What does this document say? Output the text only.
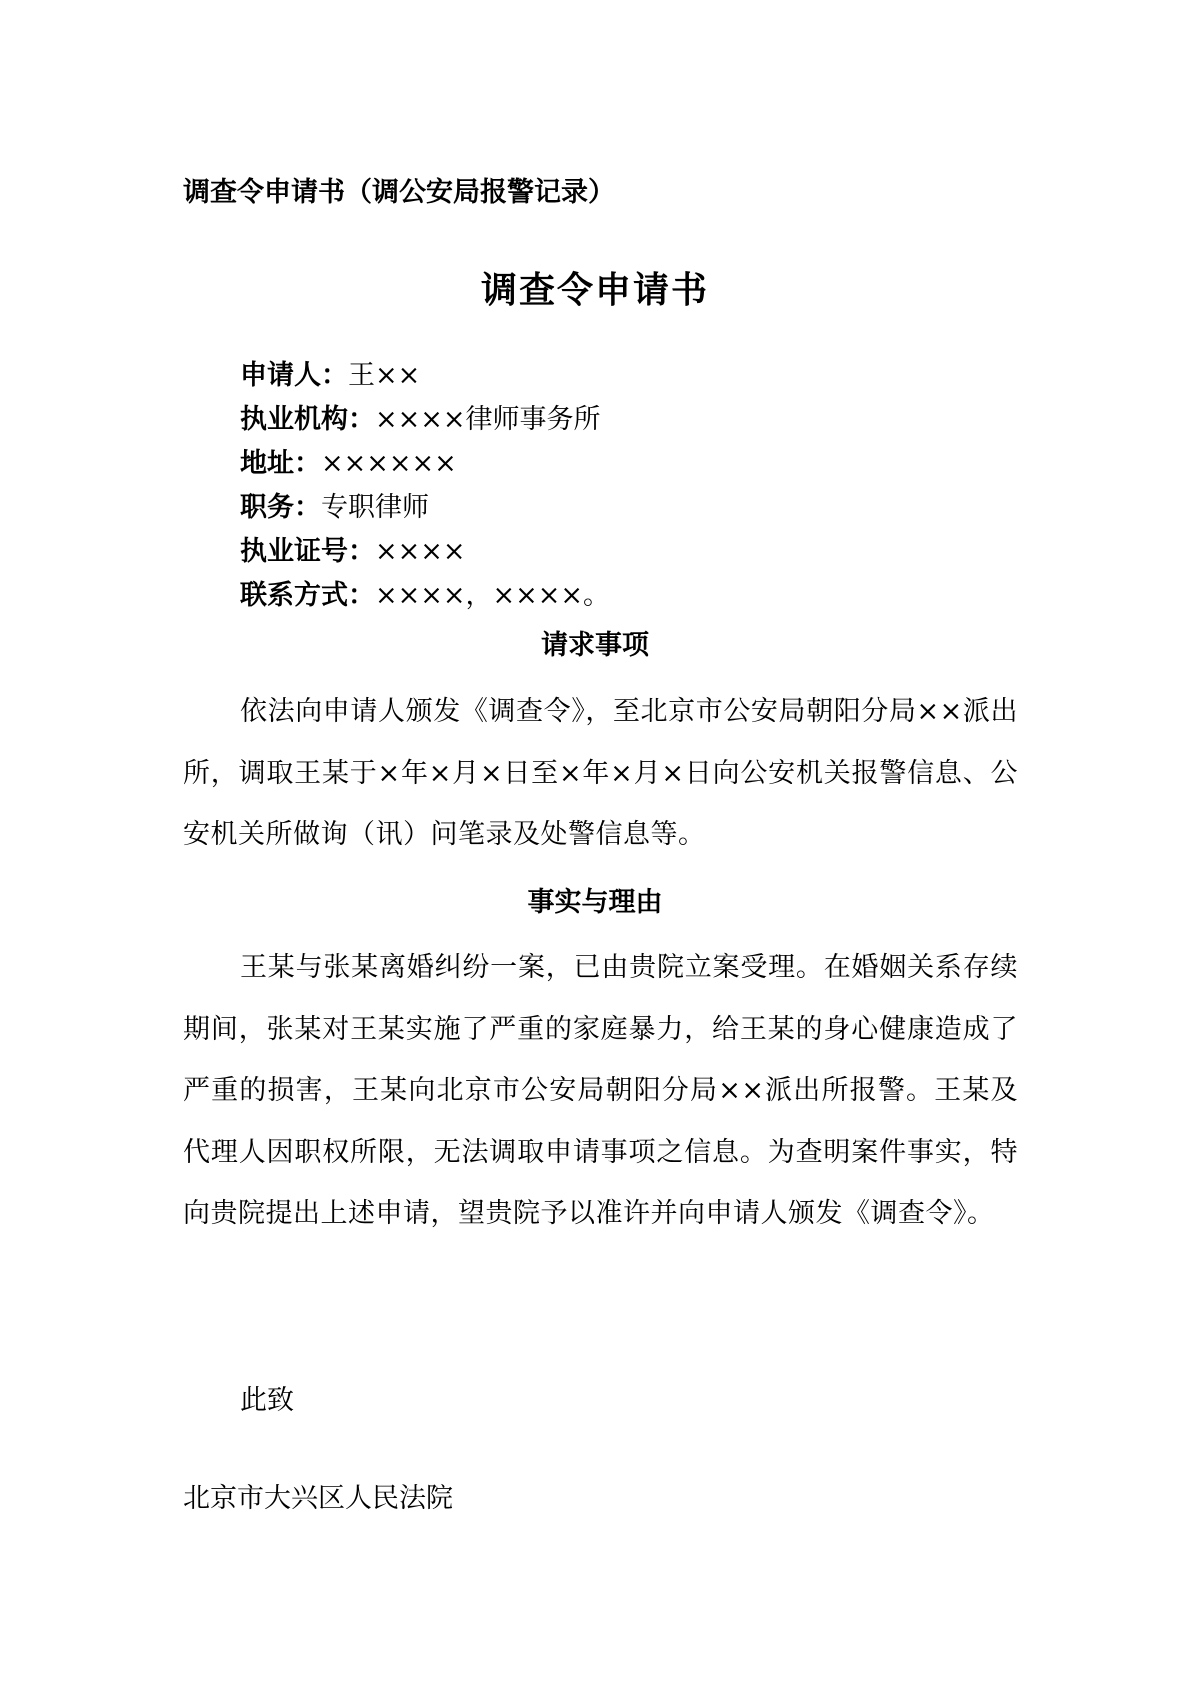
调查令申请书（调公安局报警记录）
调查令申请书
申请人：王××
执业机构：××××律师事务所
地址：××××××
职务：专职律师
执业证号：××××
联系方式：××××，××××。
请求事项
依法向申请人颁发《调查令》，至北京市公安局朝阳分局××派出所，调取王某于×年×月×日至×年×月×日向公安机关报警信息、公安机关所做询（讯）问笔录及处警信息等。
事实与理由
王某与张某离婚纠纷一案，已由贵院立案受理。在婚姻关系存续期间，张某对王某实施了严重的家庭暴力，给王某的身心健康造成了严重的损害，王某向北京市公安局朝阳分局××派出所报警。王某及代理人因职权所限，无法调取申请事项之信息。为查明案件事实，特向贵院提出上述申请，望贵院予以准许并向申请人颁发《调查令》。
此致
北京市大兴区人民法院
